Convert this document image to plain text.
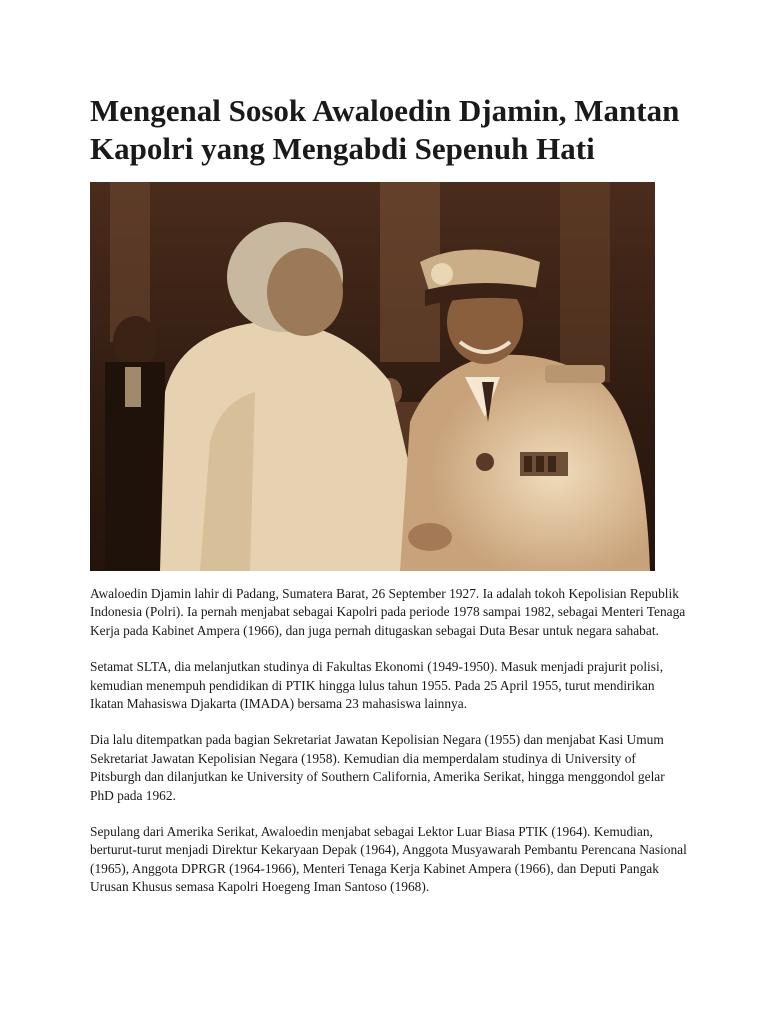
Mengenal Sosok Awaloedin Djamin, Mantan Kapolri yang Mengabdi Sepenuh Hati

Awaloedin Djamin lahir di Padang, Sumatera Barat, 26 September 1927. Ia adalah tokoh Kepolisian Republik Indonesia (Polri). Ia pernah menjabat sebagai Kapolri pada periode 1978 sampai 1982, sebagai Menteri Tenaga Kerja pada Kabinet Ampera (1966), dan juga pernah ditugaskan sebagai Duta Besar untuk negara sahabat.

Setamat SLTA, dia melanjutkan studinya di Fakultas Ekonomi (1949-1950). Masuk menjadi prajurit polisi, kemudian menempuh pendidikan di PTIK hingga lulus tahun 1955. Pada 25 April 1955, turut mendirikan Ikatan Mahasiswa Djakarta (IMADA) bersama 23 mahasiswa lainnya.

Dia lalu ditempatkan pada bagian Sekretariat Jawatan Kepolisian Negara (1955) dan menjabat Kasi Umum Sekretariat Jawatan Kepolisian Negara (1958). Kemudian dia memperdalam studinya di University of Pitsburgh dan dilanjutkan ke University of Southern California, Amerika Serikat, hingga menggondol gelar PhD pada 1962.

Sepulang dari Amerika Serikat, Awaloedin menjabat sebagai Lektor Luar Biasa PTIK (1964). Kemudian, berturut-turut menjadi Direktur Kekaryaan Depak (1964), Anggota Musyawarah Pembantu Perencana Nasional (1965), Anggota DPRGR (1964-1966), Menteri Tenaga Kerja Kabinet Ampera (1966), dan Deputi Pangak Urusan Khusus semasa Kapolri Hoegeng Iman Santoso (1968).
